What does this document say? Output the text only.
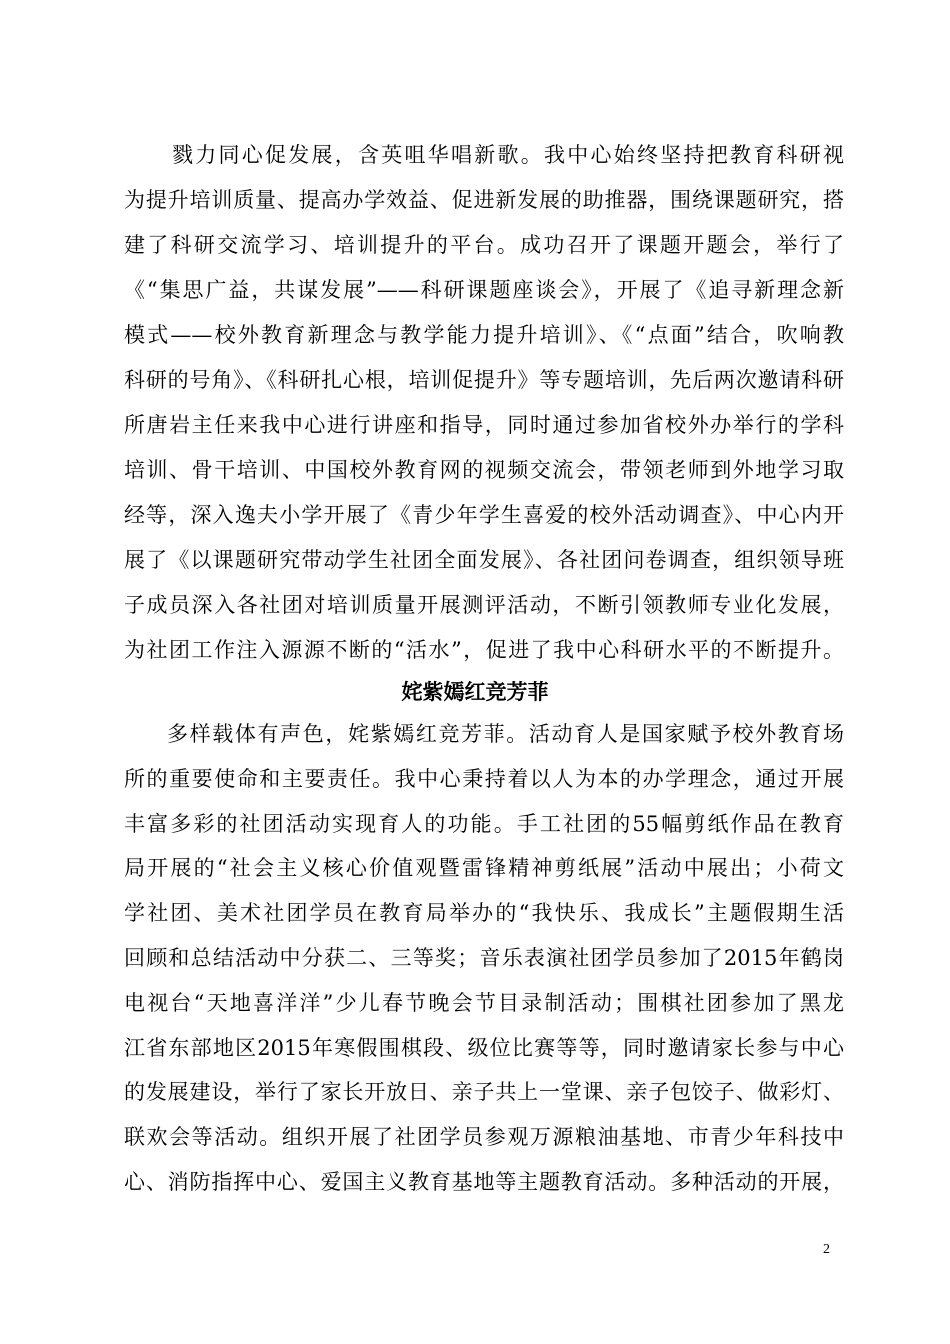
戮力同心促发展，含英咀华唱新歌。我中心始终坚持把教育科研视
为提升培训质量、提高办学效益、促进新发展的助推器，围绕课题研究，搭
建了科研交流学习、培训提升的平台。成功召开了课题开题会，举行了
《“集思广益，共谋发展”——科研课题座谈会》，开展了《追寻新理念新
模式——校外教育新理念与教学能力提升培训》、《“点面”结合，吹响教
科研的号角》、《科研扎心根，培训促提升》等专题培训，先后两次邀请科研
所唐岩主任来我中心进行讲座和指导，同时通过参加省校外办举行的学科
培训、骨干培训、中国校外教育网的视频交流会，带领老师到外地学习取
经等，深入逸夫小学开展了《青少年学生喜爱的校外活动调查》、中心内开
展了《以课题研究带动学生社团全面发展》、各社团问卷调查，组织领导班
子成员深入各社团对培训质量开展测评活动，不断引领教师专业化发展，
为社团工作注入源源不断的“活水”，促进了我中心科研水平的不断提升。
姹紫嫣红竞芳菲
多样载体有声色，姹紫嫣红竞芳菲。活动育人是国家赋予校外教育场
所的重要使命和主要责任。我中心秉持着以人为本的办学理念，通过开展
丰富多彩的社团活动实现育人的功能。手工社团的55幅剪纸作品在教育
局开展的“社会主义核心价值观暨雷锋精神剪纸展”活动中展出；小荷文
学社团、美术社团学员在教育局举办的“我快乐、我成长”主题假期生活
回顾和总结活动中分获二、三等奖；音乐表演社团学员参加了2015年鹤岗
电视台“天地喜洋洋”少儿春节晚会节目录制活动；围棋社团参加了黑龙
江省东部地区2015年寒假围棋段、级位比赛等等，同时邀请家长参与中心
的发展建设，举行了家长开放日、亲子共上一堂课、亲子包饺子、做彩灯、
联欢会等活动。组织开展了社团学员参观万源粮油基地、市青少年科技中
心、消防指挥中心、爱国主义教育基地等主题教育活动。多种活动的开展，
2
